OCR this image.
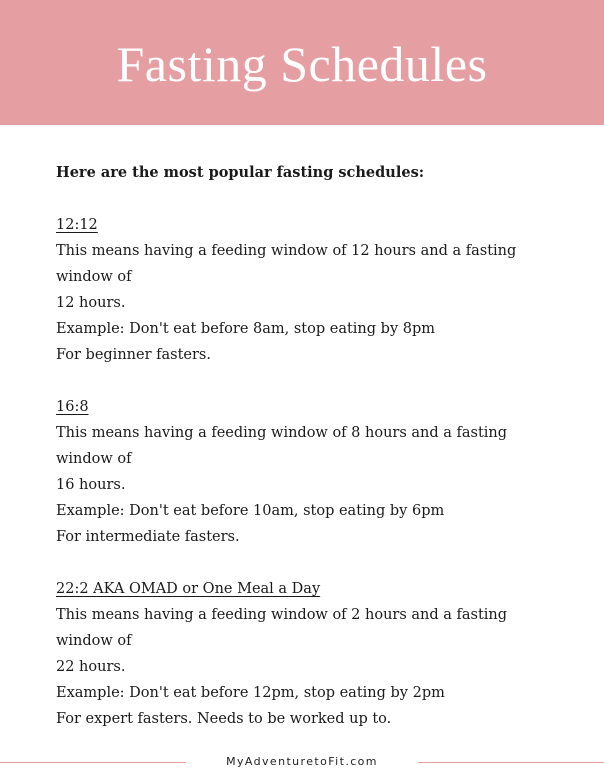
Fasting Schedules

Here are the most popular fasting schedules:

12:12

This means having a feeding window of 12 hours and a fasting window of

12 hours.

Example: Don't eat before 8am, stop eating by 8pm

For beginner fasters.

16:8

This means having a feeding window of 8 hours and a fasting window of

16 hours.

Example: Don't eat before 10am, stop eating by 6pm

For intermediate fasters.

22:2 AKA OMAD or One Meal a Day

This means having a feeding window of 2 hours and a fasting window of

22 hours.

Example: Don't eat before 12pm, stop eating by 2pm

For expert fasters. Needs to be worked up to.

MyAdventuretoFit.com
